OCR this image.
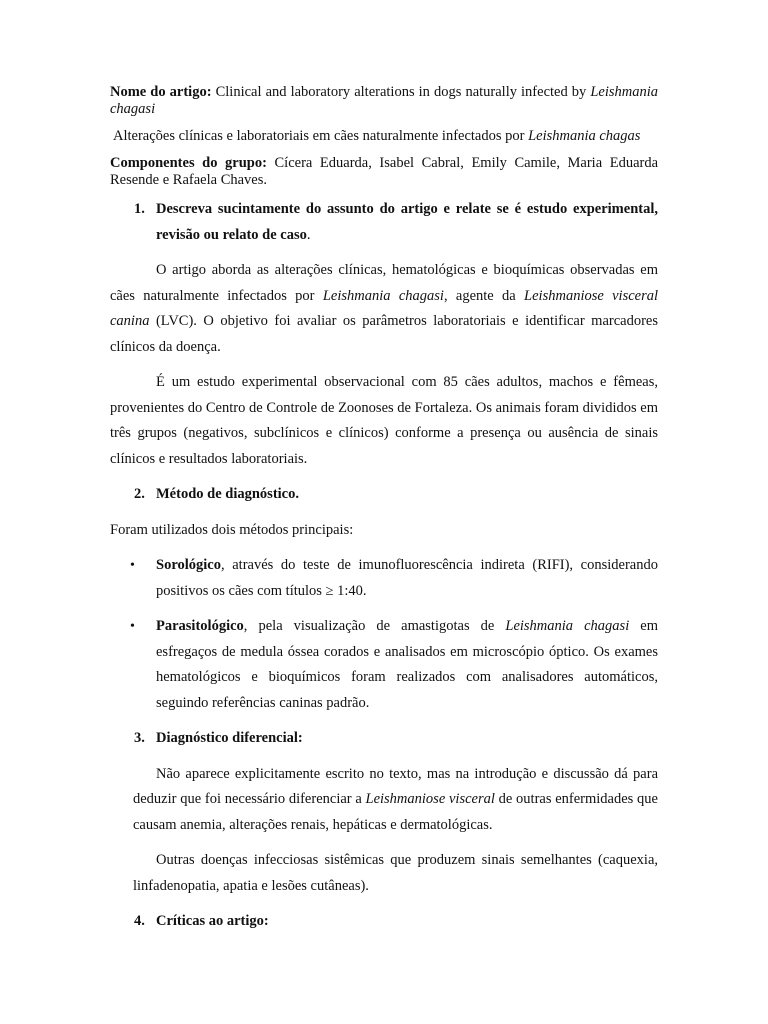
Nome do artigo: Clinical and laboratory alterations in dogs naturally infected by Leishmania chagasi

Alterações clínicas e laboratoriais em cães naturalmente infectados por Leishmania chagas

Componentes do grupo: Cícera Eduarda, Isabel Cabral, Emily Camile, Maria Eduarda Resende e Rafaela Chaves.

1. Descreva sucintamente do assunto do artigo e relate se é estudo experimental, revisão ou relato de caso.

O artigo aborda as alterações clínicas, hematológicas e bioquímicas observadas em cães naturalmente infectados por Leishmania chagasi, agente da Leishmaniose visceral canina (LVC). O objetivo foi avaliar os parâmetros laboratoriais e identificar marcadores clínicos da doença.

É um estudo experimental observacional com 85 cães adultos, machos e fêmeas, provenientes do Centro de Controle de Zoonoses de Fortaleza. Os animais foram divididos em três grupos (negativos, subclínicos e clínicos) conforme a presença ou ausência de sinais clínicos e resultados laboratoriais.

2. Método de diagnóstico.

Foram utilizados dois métodos principais:

• Sorológico, através do teste de imunofluorescência indireta (RIFI), considerando positivos os cães com títulos ≥ 1:40.
• Parasitológico, pela visualização de amastigotas de Leishmania chagasi em esfregaços de medula óssea corados e analisados em microscópio óptico. Os exames hematológicos e bioquímicos foram realizados com analisadores automáticos, seguindo referências caninas padrão.
3. Diagnóstico diferencial:

Não aparece explicitamente escrito no texto, mas na introdução e discussão dá para deduzir que foi necessário diferenciar a Leishmaniose visceral de outras enfermidades que causam anemia, alterações renais, hepáticas e dermatológicas.

Outras doenças infecciosas sistêmicas que produzem sinais semelhantes (caquexia, linfadenopatia, apatia e lesões cutâneas).

4. Críticas ao artigo:
